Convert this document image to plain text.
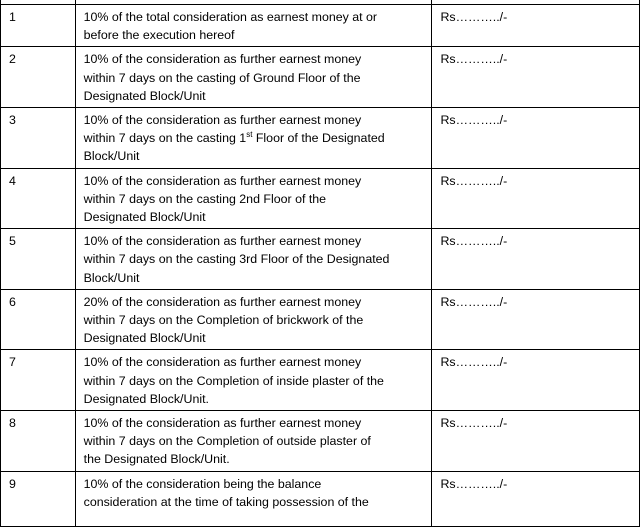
1	10% of the total consideration as earnest money at or
before the execution hereof	Rs………../-
2	10% of the consideration as further earnest money
within 7 days on the casting of Ground Floor of the
Designated Block/Unit	Rs………../-
3	10% of the consideration as further earnest money
within 7 days on the casting 1st Floor of the Designated
Block/Unit	Rs………../-
4	10% of the consideration as further earnest money
within 7 days on the casting 2nd Floor of the
Designated Block/Unit	Rs………../-
5	10% of the consideration as further earnest money
within 7 days on the casting 3rd Floor of the Designated
Block/Unit	Rs………../-
6	20% of the consideration as further earnest money
within 7 days on the Completion of brickwork of the
Designated Block/Unit	Rs………../-
7	10% of the consideration as further earnest money
within 7 days on the Completion of inside plaster of the
Designated Block/Unit.	Rs………../-
8	10% of the consideration as further earnest money
within 7 days on the Completion of outside plaster of
the Designated Block/Unit.	Rs………../-
9	10% of the consideration being the balance
consideration at the time of taking possession of the	Rs………../-
